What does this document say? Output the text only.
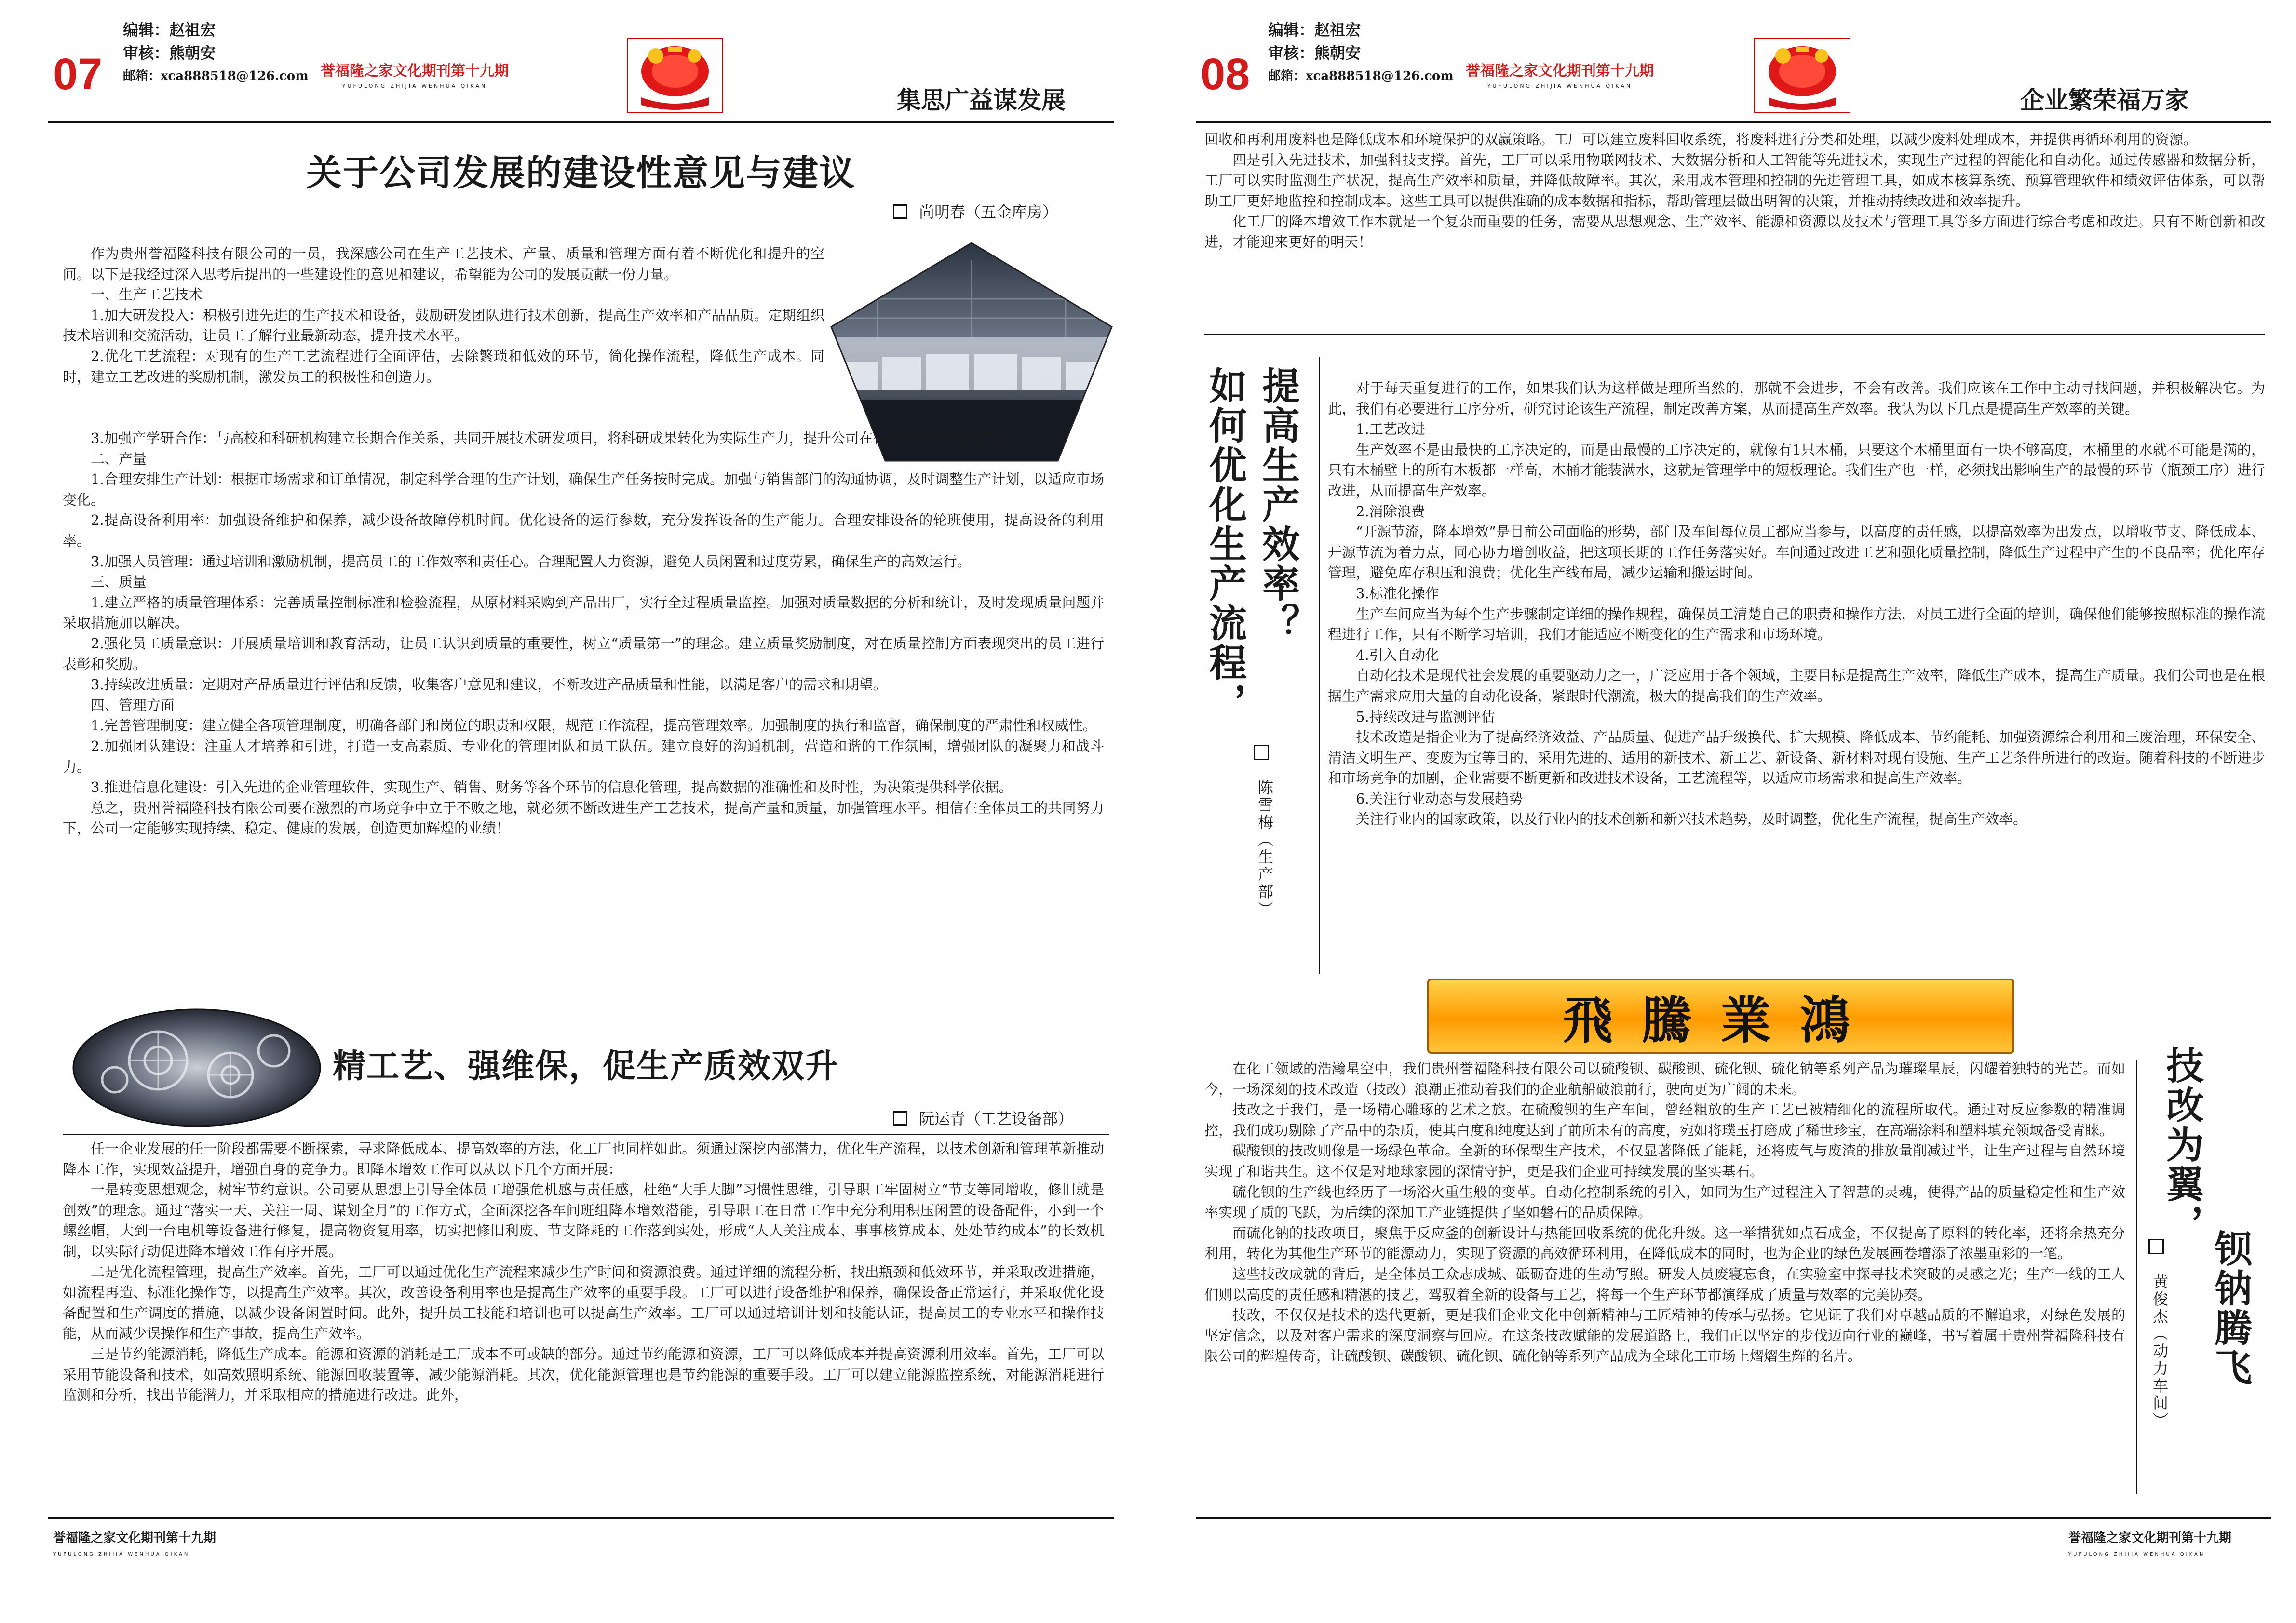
07
编辑：赵祖宏
审核：熊朝安
邮箱：xca888518@126.com 誉福隆之家文化期刊第十九期
YUFULONG ZHIJIA WENHUA QIKAN	集思广益谋发展
关于公司发展的建设性意见与建议
尚明春（五金库房）

作为贵州誉福隆科技有限公司的一员，我深感公司在生产工艺技术、产量、质量和管理方面有着不断优化和提升的空间。以下是我经过深入思考后提出的一些建设性的意见和建议，希望能为公司的发展贡献一份力量。

一、生产工艺技术

1.加大研发投入：积极引进先进的生产技术和设备，鼓励研发团队进行技术创新，提高生产效率和产品品质。定期组织技术培训和交流活动，让员工了解行业最新动态，提升技术水平。

2.优化工艺流程：对现有的生产工艺流程进行全面评估，去除繁琐和低效的环节，简化操作流程，降低生产成本。同时，建立工艺改进的奖励机制，激发员工的积极性和创造力。

3.加强产学研合作：与高校和科研机构建立长期合作关系，共同开展技术研发项目，将科研成果转化为实际生产力，提升公司在行业内的技术竞争力。

二、产量

1.合理安排生产计划：根据市场需求和订单情况，制定科学合理的生产计划，确保生产任务按时完成。加强与销售部门的沟通协调，及时调整生产计划，以适应市场变化。

2.提高设备利用率：加强设备维护和保养，减少设备故障停机时间。优化设备的运行参数，充分发挥设备的生产能力。合理安排设备的轮班使用，提高设备的利用率。

3.加强人员管理：通过培训和激励机制，提高员工的工作效率和责任心。合理配置人力资源，避免人员闲置和过度劳累，确保生产的高效运行。

三、质量

1.建立严格的质量管理体系：完善质量控制标准和检验流程，从原材料采购到产品出厂，实行全过程质量监控。加强对质量数据的分析和统计，及时发现质量问题并采取措施加以解决。

2.强化员工质量意识：开展质量培训和教育活动，让员工认识到质量的重要性，树立“质量第一”的理念。建立质量奖励制度，对在质量控制方面表现突出的员工进行表彰和奖励。

3.持续改进质量：定期对产品质量进行评估和反馈，收集客户意见和建议，不断改进产品质量和性能，以满足客户的需求和期望。

四、管理方面

1.完善管理制度：建立健全各项管理制度，明确各部门和岗位的职责和权限，规范工作流程，提高管理效率。加强制度的执行和监督，确保制度的严肃性和权威性。

2.加强团队建设：注重人才培养和引进，打造一支高素质、专业化的管理团队和员工队伍。建立良好的沟通机制，营造和谐的工作氛围，增强团队的凝聚力和战斗力。

3.推进信息化建设：引入先进的企业管理软件，实现生产、销售、财务等各个环节的信息化管理，提高数据的准确性和及时性，为决策提供科学依据。

总之，贵州誉福隆科技有限公司要在激烈的市场竞争中立于不败之地，就必须不断改进生产工艺技术，提高产量和质量，加强管理水平。相信在全体员工的共同努力下，公司一定能够实现持续、稳定、健康的发展，创造更加辉煌的业绩！

精工艺、强维保，促生产质效双升
阮运青（工艺设备部）

任一企业发展的任一阶段都需要不断探索，寻求降低成本、提高效率的方法，化工厂也同样如此。须通过深挖内部潜力，优化生产流程，以技术创新和管理革新推动降本工作，实现效益提升，增强自身的竞争力。即降本增效工作可以从以下几个方面开展：

一是转变思想观念，树牢节约意识。公司要从思想上引导全体员工增强危机感与责任感，杜绝“大手大脚”习惯性思维，引导职工牢固树立“节支等同增收，修旧就是创效”的理念。通过“落实一天、关注一周、谋划全月”的工作方式，全面深挖各车间班组降本增效潜能，引导职工在日常工作中充分利用积压闲置的设备配件，小到一个螺丝帽，大到一台电机等设备进行修复，提高物资复用率，切实把修旧利废、节支降耗的工作落到实处，形成“人人关注成本、事事核算成本、处处节约成本”的长效机制，以实际行动促进降本增效工作有序开展。

二是优化流程管理，提高生产效率。首先，工厂可以通过优化生产流程来减少生产时间和资源浪费。通过详细的流程分析，找出瓶颈和低效环节，并采取改进措施，如流程再造、标准化操作等，以提高生产效率。其次，改善设备利用率也是提高生产效率的重要手段。工厂可以进行设备维护和保养，确保设备正常运行，并采取优化设备配置和生产调度的措施，以减少设备闲置时间。此外，提升员工技能和培训也可以提高生产效率。工厂可以通过培训计划和技能认证，提高员工的专业水平和操作技能，从而减少误操作和生产事故，提高生产效率。

三是节约能源消耗，降低生产成本。能源和资源的消耗是工厂成本不可或缺的部分。通过节约能源和资源，工厂可以降低成本并提高资源利用效率。首先，工厂可以采用节能设备和技术，如高效照明系统、能源回收装置等，减少能源消耗。其次，优化能源管理也是节约能源的重要手段。工厂可以建立能源监控系统，对能源消耗进行监测和分析，找出节能潜力，并采取相应的措施进行改进。此外，

誉福隆之家文化期刊第十九期
YUFULONG ZHIJIA WENHUA QIKAN
08
编辑：赵祖宏
审核：熊朝安
邮箱：xca888518@126.com 誉福隆之家文化期刊第十九期
YUFULONG ZHIJIA WENHUA QIKAN	企业繁荣福万家

回收和再利用废料也是降低成本和环境保护的双赢策略。工厂可以建立废料回收系统，将废料进行分类和处理，以减少废料处理成本，并提供再循环利用的资源。

四是引入先进技术，加强科技支撑。首先，工厂可以采用物联网技术、大数据分析和人工智能等先进技术，实现生产过程的智能化和自动化。通过传感器和数据分析，工厂可以实时监测生产状况，提高生产效率和质量，并降低故障率。其次，采用成本管理和控制的先进管理工具，如成本核算系统、预算管理软件和绩效评估体系，可以帮助工厂更好地监控和控制成本。这些工具可以提供准确的成本数据和指标，帮助管理层做出明智的决策，并推动持续改进和效率提升。

化工厂的降本增效工作本就是一个复杂而重要的任务，需要从思想观念、生产效率、能源和资源以及技术与管理工具等多方面进行综合考虑和改进。只有不断创新和改进，才能迎来更好的明天！

提高生产效率？
如何优化生产流程，
陈雪梅（生产部）

对于每天重复进行的工作，如果我们认为这样做是理所当然的，那就不会进步，不会有改善。我们应该在工作中主动寻找问题，并积极解决它。为此，我们有必要进行工序分析，研究讨论该生产流程，制定改善方案，从而提高生产效率。我认为以下几点是提高生产效率的关键。

1.工艺改进

生产效率不是由最快的工序决定的，而是由最慢的工序决定的，就像有1只木桶，只要这个木桶里面有一块不够高度，木桶里的水就不可能是满的，只有木桶壁上的所有木板都一样高，木桶才能装满水，这就是管理学中的短板理论。我们生产也一样，必须找出影响生产的最慢的环节（瓶颈工序）进行改进，从而提高生产效率。

2.消除浪费

“开源节流，降本增效”是目前公司面临的形势，部门及车间每位员工都应当参与，以高度的责任感，以提高效率为出发点，以增收节支、降低成本、开源节流为着力点，同心协力增创收益，把这项长期的工作任务落实好。车间通过改进工艺和强化质量控制，降低生产过程中产生的不良品率；优化库存管理，避免库存积压和浪费；优化生产线布局，减少运输和搬运时间。

3.标准化操作

生产车间应当为每个生产步骤制定详细的操作规程，确保员工清楚自己的职责和操作方法，对员工进行全面的培训，确保他们能够按照标准的操作流程进行工作，只有不断学习培训，我们才能适应不断变化的生产需求和市场环境。

4.引入自动化

自动化技术是现代社会发展的重要驱动力之一，广泛应用于各个领域，主要目标是提高生产效率，降低生产成本，提高生产质量。我们公司也是在根据生产需求应用大量的自动化设备，紧跟时代潮流，极大的提高我们的生产效率。

5.持续改进与监测评估

技术改造是指企业为了提高经济效益、产品质量、促进产品升级换代、扩大规模、降低成本、节约能耗、加强资源综合利用和三废治理，环保安全、清洁文明生产、变废为宝等目的，采用先进的、适用的新技术、新工艺、新设备、新材料对现有设施、生产工艺条件所进行的改造。随着科技的不断进步和市场竞争的加剧，企业需要不断更新和改进技术设备，工艺流程等，以适应市场需求和提高生产效率。

6.关注行业动态与发展趋势

关注行业内的国家政策，以及行业内的技术创新和新兴技术趋势，及时调整，优化生产流程，提高生产效率。

飛騰業鴻

在化工领域的浩瀚星空中，我们贵州誉福隆科技有限公司以硫酸钡、碳酸钡、硫化钡、硫化钠等系列产品为璀璨星辰，闪耀着独特的光芒。而如今，一场深刻的技术改造（技改）浪潮正推动着我们的企业航船破浪前行，驶向更为广阔的未来。

技改之于我们，是一场精心雕琢的艺术之旅。在硫酸钡的生产车间，曾经粗放的生产工艺已被精细化的流程所取代。通过对反应参数的精准调控，我们成功剔除了产品中的杂质，使其白度和纯度达到了前所未有的高度，宛如将璞玉打磨成了稀世珍宝，在高端涂料和塑料填充领域备受青睐。

碳酸钡的技改则像是一场绿色革命。全新的环保型生产技术，不仅显著降低了能耗，还将废气与废渣的排放量削减过半，让生产过程与自然环境实现了和谐共生。这不仅是对地球家园的深情守护，更是我们企业可持续发展的坚实基石。

硫化钡的生产线也经历了一场浴火重生般的变革。自动化控制系统的引入，如同为生产过程注入了智慧的灵魂，使得产品的质量稳定性和生产效率实现了质的飞跃，为后续的深加工产业链提供了坚如磐石的品质保障。

而硫化钠的技改项目，聚焦于反应釜的创新设计与热能回收系统的优化升级。这一举措犹如点石成金，不仅提高了原料的转化率，还将余热充分利用，转化为其他生产环节的能源动力，实现了资源的高效循环利用，在降低成本的同时，也为企业的绿色发展画卷增添了浓墨重彩的一笔。

这些技改成就的背后，是全体员工众志成城、砥砺奋进的生动写照。研发人员废寝忘食，在实验室中探寻技术突破的灵感之光；生产一线的工人们则以高度的责任感和精湛的技艺，驾驭着全新的设备与工艺，将每一个生产环节都演绎成了质量与效率的完美协奏。

技改，不仅仅是技术的迭代更新，更是我们企业文化中创新精神与工匠精神的传承与弘扬。它见证了我们对卓越品质的不懈追求，对绿色发展的坚定信念，以及对客户需求的深度洞察与回应。在这条技改赋能的发展道路上，我们正以坚定的步伐迈向行业的巅峰，书写着属于贵州誉福隆科技有限公司的辉煌传奇，让硫酸钡、碳酸钡、硫化钡、硫化钠等系列产品成为全球化工市场上熠熠生辉的名片。

技改为翼，
钡钠腾飞
黄俊杰（动力车间）
誉福隆之家文化期刊第十九期
YUFULONG ZHIJIA WENHUA QIKAN
